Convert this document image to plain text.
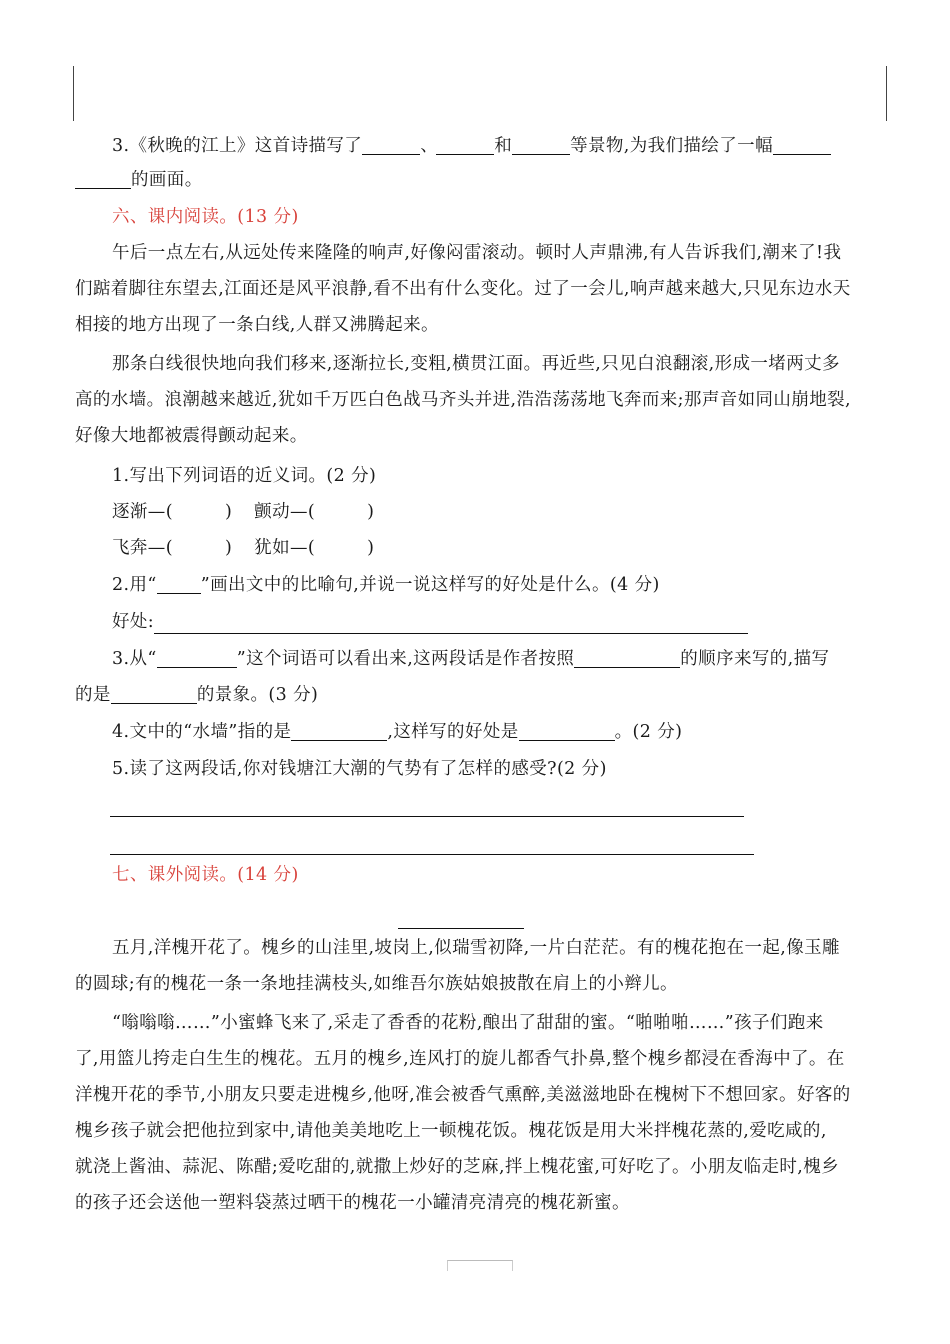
3.《秋晚的江上》这首诗描写了	、	和	等景物,为我们描绘了一幅
的画面。
六、课内阅读。(13 分)
午后一点左右,从远处传来隆隆的响声,好像闷雷滚动。顿时人声鼎沸,有人告诉我们,潮来了!我
们踮着脚往东望去,江面还是风平浪静,看不出有什么变化。过了一会儿,响声越来越大,只见东边水天
相接的地方出现了一条白线,人群又沸腾起来。
那条白线很快地向我们移来,逐渐拉长,变粗,横贯江面。再近些,只见白浪翻滚,形成一堵两丈多
高的水墙。浪潮越来越近,犹如千万匹白色战马齐头并进,浩浩荡荡地飞奔而来;那声音如同山崩地裂,
好像大地都被震得颤动起来。
1.写出下列词语的近义词。(2 分)
逐渐—(	) 颤动—(	)
飞奔—(	) 犹如—(	)
2.用“	”画出文中的比喻句,并说一说这样写的好处是什么。(4 分)
好处:
3.从“	”这个词语可以看出来,这两段话是作者按照	的顺序来写的,描写
的是	的景象。(3 分)
4.文中的“水墙”指的是	,这样写的好处是	。(2 分)
5.读了这两段话,你对钱塘江大潮的气势有了怎样的感受?(2 分)
七、课外阅读。(14 分)
五月,洋槐开花了。槐乡的山洼里,坡岗上,似瑞雪初降,一片白茫茫。有的槐花抱在一起,像玉雕
的圆球;有的槐花一条一条地挂满枝头,如维吾尔族姑娘披散在肩上的小辫儿。
“嗡嗡嗡……”小蜜蜂飞来了,采走了香香的花粉,酿出了甜甜的蜜。“啪啪啪……”孩子们跑来
了,用篮儿挎走白生生的槐花。五月的槐乡,连风打的旋儿都香气扑鼻,整个槐乡都浸在香海中了。在
洋槐开花的季节,小朋友只要走进槐乡,他呀,准会被香气熏醉,美滋滋地卧在槐树下不想回家。好客的
槐乡孩子就会把他拉到家中,请他美美地吃上一顿槐花饭。槐花饭是用大米拌槐花蒸的,爱吃咸的,
就浇上酱油、蒜泥、陈醋;爱吃甜的,就撒上炒好的芝麻,拌上槐花蜜,可好吃了。小朋友临走时,槐乡
的孩子还会送他一塑料袋蒸过晒干的槐花一小罐清亮清亮的槐花新蜜。
